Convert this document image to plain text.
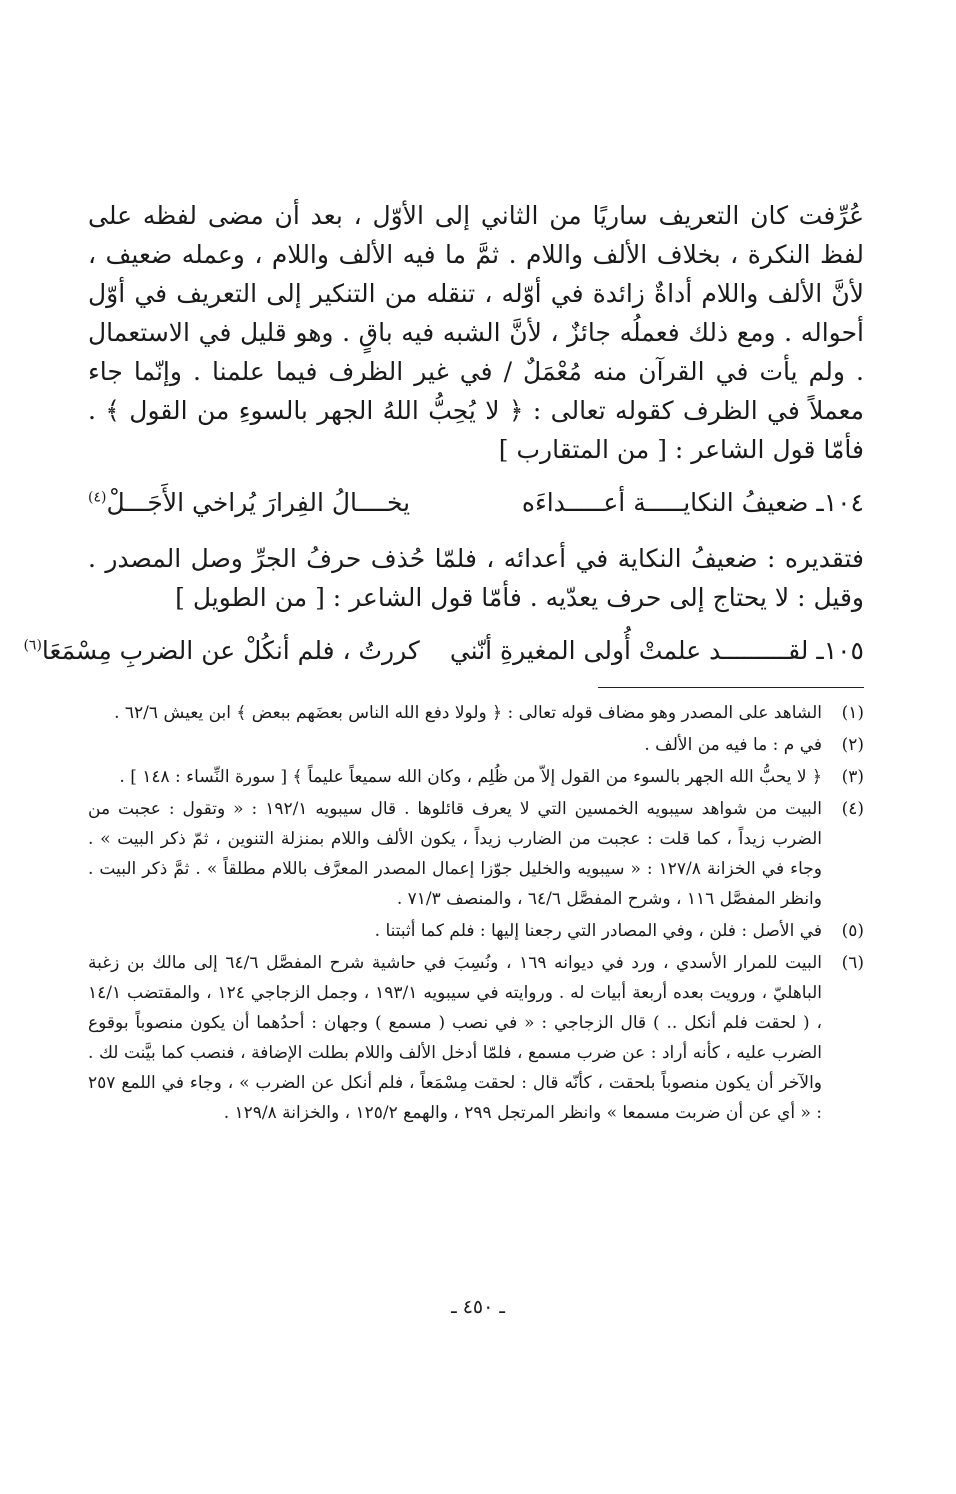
عُرِّفت كان التعريف ساريًا من الثاني إلى الأوّل ، بعد أن مضى لفظه على لفظ النكرة ، بخلاف الألف واللام . ثمَّ ما فيه الألف واللام ، وعمله ضعيف ، لأنَّ الألف واللام أداةٌ زائدة في أوّله ، تنقله من التنكير إلى التعريف في أوّل أحواله . ومع ذلك فعملُه جائزٌ ، لأنَّ الشبه فيه باقٍ . وهو قليل في الاستعمال . ولم يأت في القرآن منه مُعْمَلٌ / في غير الظرف فيما علمنا . وإنّما جاء معملاً في الظرف كقوله تعالى : ﴿ لا يُحِبُّ اللهُ الجهر بالسوءِ من القول ﴾ . فأمّا قول الشاعر : [ من المتقارب ]

١٠٤ـ
ضعيفُ النكايـــــة أعـــــداءَه
يخــــالُ الفِرارَ يُراخي الأَجَـــلْ$^{(٤)}$

فتقديره : ضعيفُ النكاية في أعدائه ، فلمّا حُذف حرفُ الجرِّ وصل المصدر . وقيل : لا يحتاج إلى حرف يعدّيه . فأمّا قول الشاعر : [ من الطويل ]

١٠٥ـ
لقـــــــــد علمتْ أُولى المغيرةِ أنّني
كررتُ ، فلم أنكُلْ عن الضربِ مِسْمَعَا$^{(٦)}$
(١)
الشاهد على المصدر وهو مضاف قوله تعالى : ﴿ ولولا دفع الله الناس بعضَهم ببعض ﴾ ابن يعيش ٦٢/٦ .
(٢)
في م : ما فيه من الألف .
(٣)
﴿ لا يحبُّ الله الجهر بالسوء من القول إلاّ من ظُلِم ، وكان الله سميعاً عليماً ﴾ [ سورة النِّساء : ١٤٨ ] .
(٤)
البيت من شواهد سيبويه الخمسين التي لا يعرف قائلوها . قال سيبويه ١٩٢/١ : « وتقول : عجبت من الضرب زيداً ، كما قلت : عجبت من الضارب زيداً ، يكون الألف واللام بمنزلة التنوين ، ثمّ ذكر البيت » . وجاء في الخزانة ١٢٧/٨ : « سيبويه والخليل جوّزا إعمال المصدر المعرَّف باللام مطلقاً » . ثمَّ ذكر البيت . وانظر المفصَّل ١١٦ ، وشرح المفصَّل ٦٤/٦ ، والمنصف ٧١/٣ .
(٥)
في الأصل : فلن ، وفي المصادر التي رجعنا إليها : فلم كما أثبتنا .
(٦)
البيت للمرار الأسدي ، ورد في ديوانه ١٦٩ ، ونُسِبَ في حاشية شرح المفصَّل ٦٤/٦ إلى مالك بن زغبة الباهليّ ، ورويت بعده أربعة أبيات له . وروايته في سيبويه ١٩٣/١ ، وجمل الزجاجي ١٢٤ ، والمقتضب ١٤/١ ، ( لحقت فلم أنكل .. ) قال الزجاجي : « في نصب ( مسمع ) وجهان : أحدُهما أن يكون منصوباً بوقوع الضرب عليه ، كأنه أراد : عن ضرب مسمع ، فلمّا أدخل الألف واللام بطلت الإضافة ، فنصب كما بيَّنت لك . والآخر أن يكون منصوباً بلحقت ، كأنّه قال : لحقت مِسْمَعاً ، فلم أنكل عن الضرب » ، وجاء في اللمع ٢٥٧ : « أي عن أن ضربت مسمعا » وانظر المرتجل ٢٩٩ ، والهمع ١٢٥/٢ ، والخزانة ١٢٩/٨ .
ـ ٤٥٠ ـ
